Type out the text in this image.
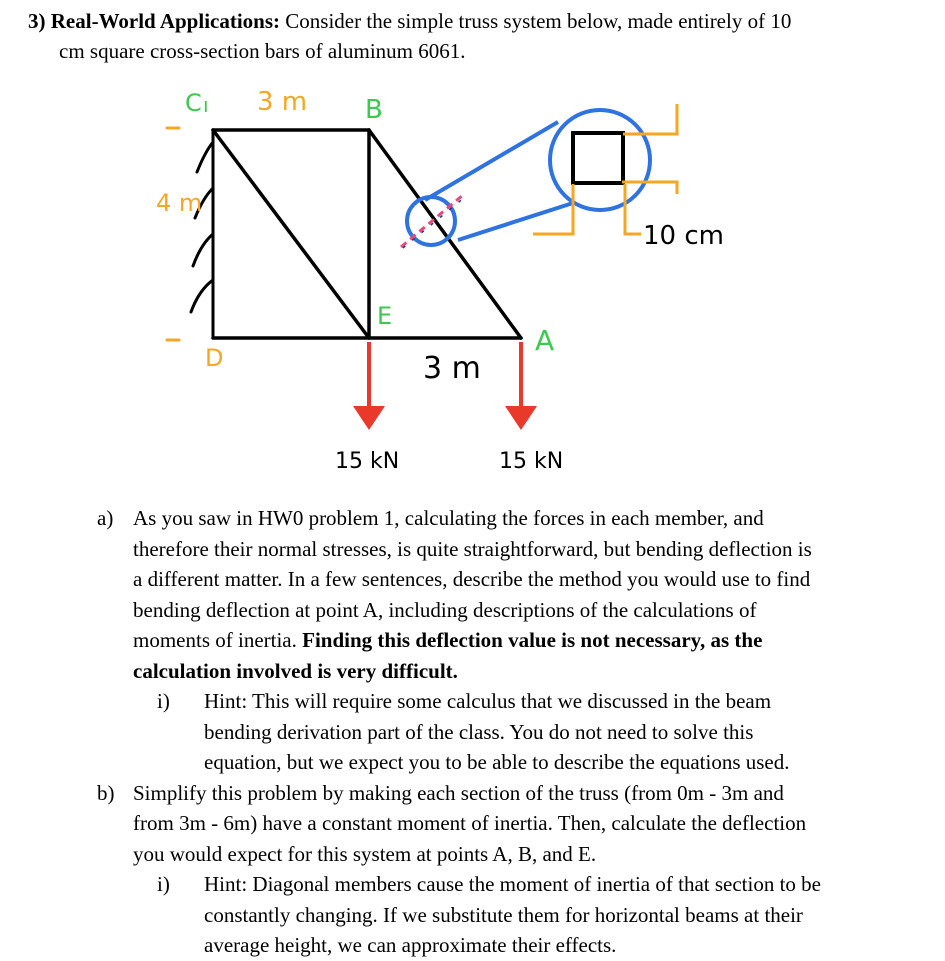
3) Real-World Applications: Consider the simple truss system below, made entirely of 10
cm square cross-section bars of aluminum 6061.
C ı 3 m B
4 m
D
E
3 m
A
10 cm
15 kN	15 kN
a) As you saw in HW0 problem 1, calculating the forces in each member, and
therefore their normal stresses, is quite straightforward, but bending deflection is
a different matter. In a few sentences, describe the method you would use to find
bending deflection at point A, including descriptions of the calculations of
moments of inertia. Finding this deflection value is not necessary, as the
calculation involved is very difficult.
i) Hint: This will require some calculus that we discussed in the beam
bending derivation part of the class. You do not need to solve this
equation, but we expect you to be able to describe the equations used.
b) Simplify this problem by making each section of the truss (from 0m - 3m and
from 3m - 6m) have a constant moment of inertia. Then, calculate the deflection
you would expect for this system at points A, B, and E.
i) Hint: Diagonal members cause the moment of inertia of that section to be
constantly changing. If we substitute them for horizontal beams at their
average height, we can approximate their effects.
